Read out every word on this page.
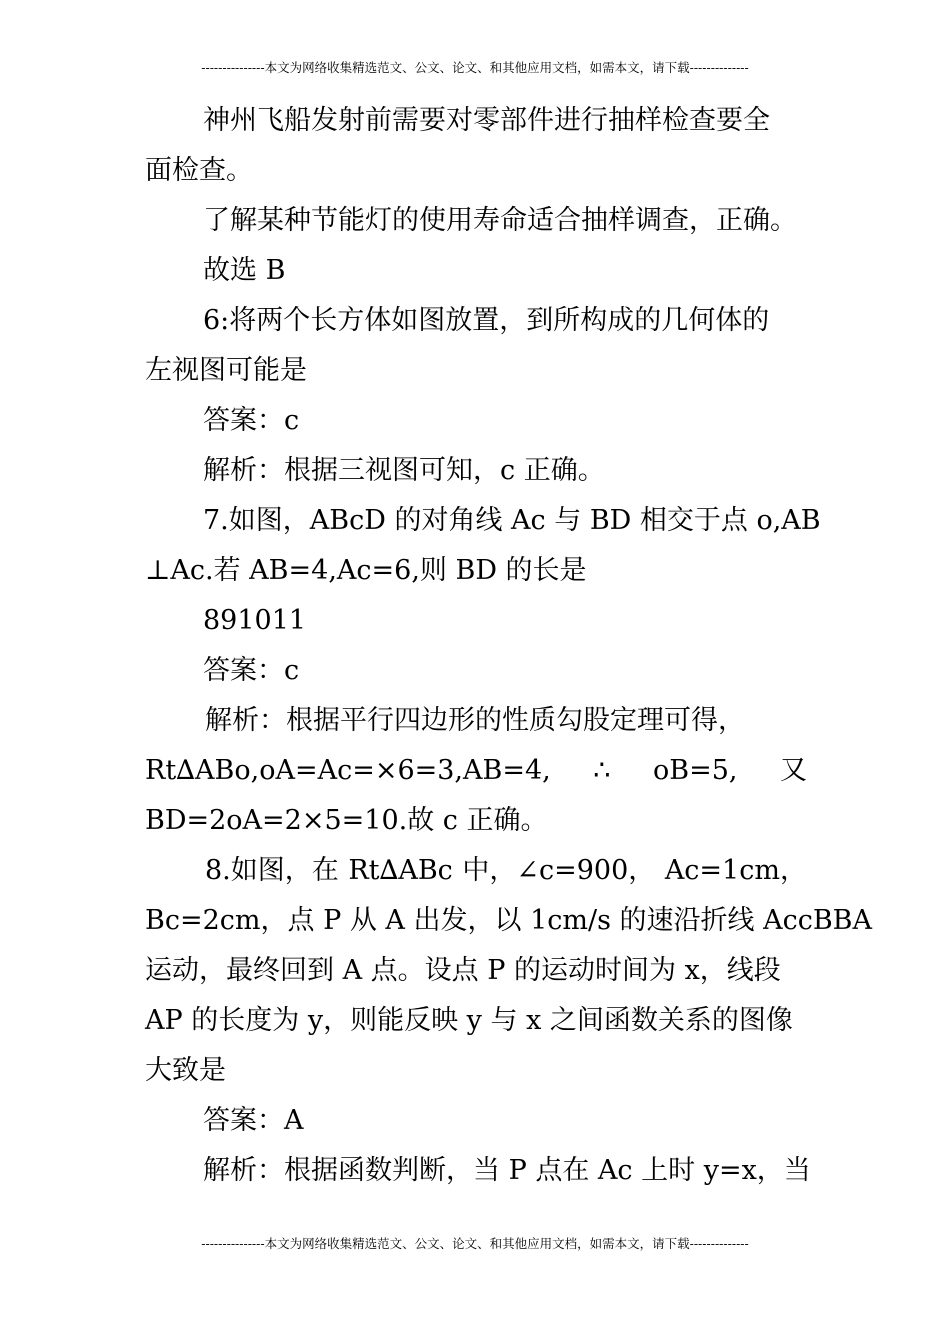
---------------本文为网络收集精选范文、公文、论文、和其他应用文档，如需本文，请下载--------------
神州飞船发射前需要对零部件进行抽样检查要全
面检查。
了解某种节能灯的使用寿命适合抽样调查，正确。
故选 B
6:将两个长方体如图放置，到所构成的几何体的
左视图可能是
答案：c
解析：根据三视图可知，c 正确。
7.如图，ABcD 的对角线 Ac 与 BD 相交于点 o,AB
⊥Ac.若 AB=4,Ac=6,则 BD 的长是
891011
答案：c
解析：根据平行四边形的性质勾股定理可得，
Rt∆ABo,oA=Ac=×6=3,AB=4, ∴ oB=5, 又
BD=2oA=2×5=10.故 c 正确。
8.如图，在 Rt∆ABc 中，∠c=900， Ac=1cm，
Bc=2cm，点 P 从 A 出发，以 1cm/s 的速沿折线 AccBBA
运动，最终回到 A 点。设点 P 的运动时间为 x，线段
AP 的长度为 y，则能反映 y 与 x 之间函数关系的图像
大致是
答案：A
解析：根据函数判断，当 P 点在 Ac 上时 y=x，当
---------------本文为网络收集精选范文、公文、论文、和其他应用文档，如需本文，请下载--------------
